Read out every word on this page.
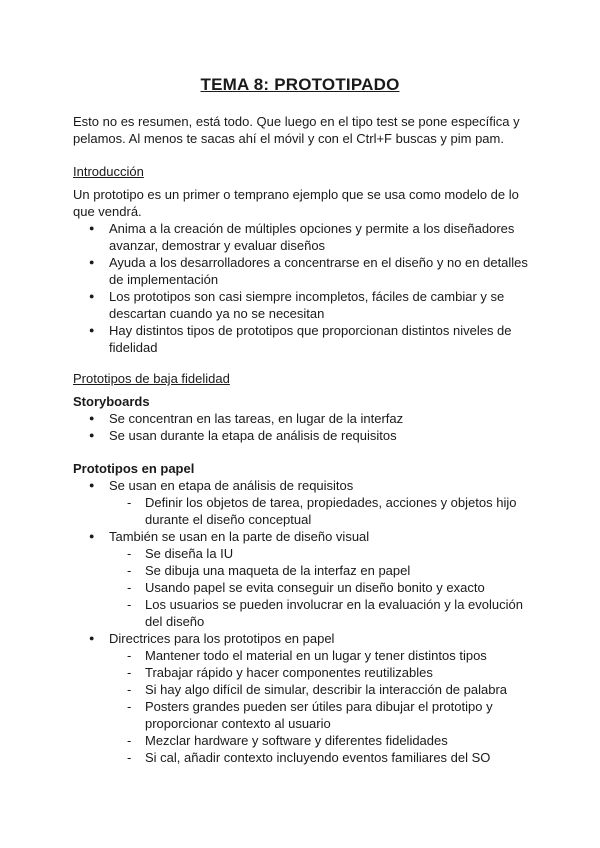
TEMA 8: PROTOTIPADO

Esto no es resumen, está todo. Que luego en el tipo test se pone específica y pelamos. Al menos te sacas ahí el móvil y con el Ctrl+F buscas y pim pam.

Introducción

Un prototipo es un primer o temprano ejemplo que se usa como modelo de lo que vendrá.

● Anima a la creación de múltiples opciones y permite a los diseñadores avanzar, demostrar y evaluar diseños
● Ayuda a los desarrolladores a concentrarse en el diseño y no en detalles de implementación
● Los prototipos son casi siempre incompletos, fáciles de cambiar y se descartan cuando ya no se necesitan
● Hay distintos tipos de prototipos que proporcionan distintos niveles de fidelidad

Prototipos de baja fidelidad

Storyboards

● Se concentran en las tareas, en lugar de la interfaz
● Se usan durante la etapa de análisis de requisitos

Prototipos en papel

● Se usan en etapa de análisis de requisitos
- Definir los objetos de tarea, propiedades, acciones y objetos hijo durante el diseño conceptual
● También se usan en la parte de diseño visual
- Se diseña la IU
- Se dibuja una maqueta de la interfaz en papel
- Usando papel se evita conseguir un diseño bonito y exacto
- Los usuarios se pueden involucrar en la evaluación y la evolución del diseño
● Directrices para los prototipos en papel
- Mantener todo el material en un lugar y tener distintos tipos
- Trabajar rápido y hacer componentes reutilizables
- Si hay algo difícil de simular, describir la interacción de palabra
- Posters grandes pueden ser útiles para dibujar el prototipo y proporcionar contexto al usuario
- Mezclar hardware y software y diferentes fidelidades
- Si cal, añadir contexto incluyendo eventos familiares del SO
